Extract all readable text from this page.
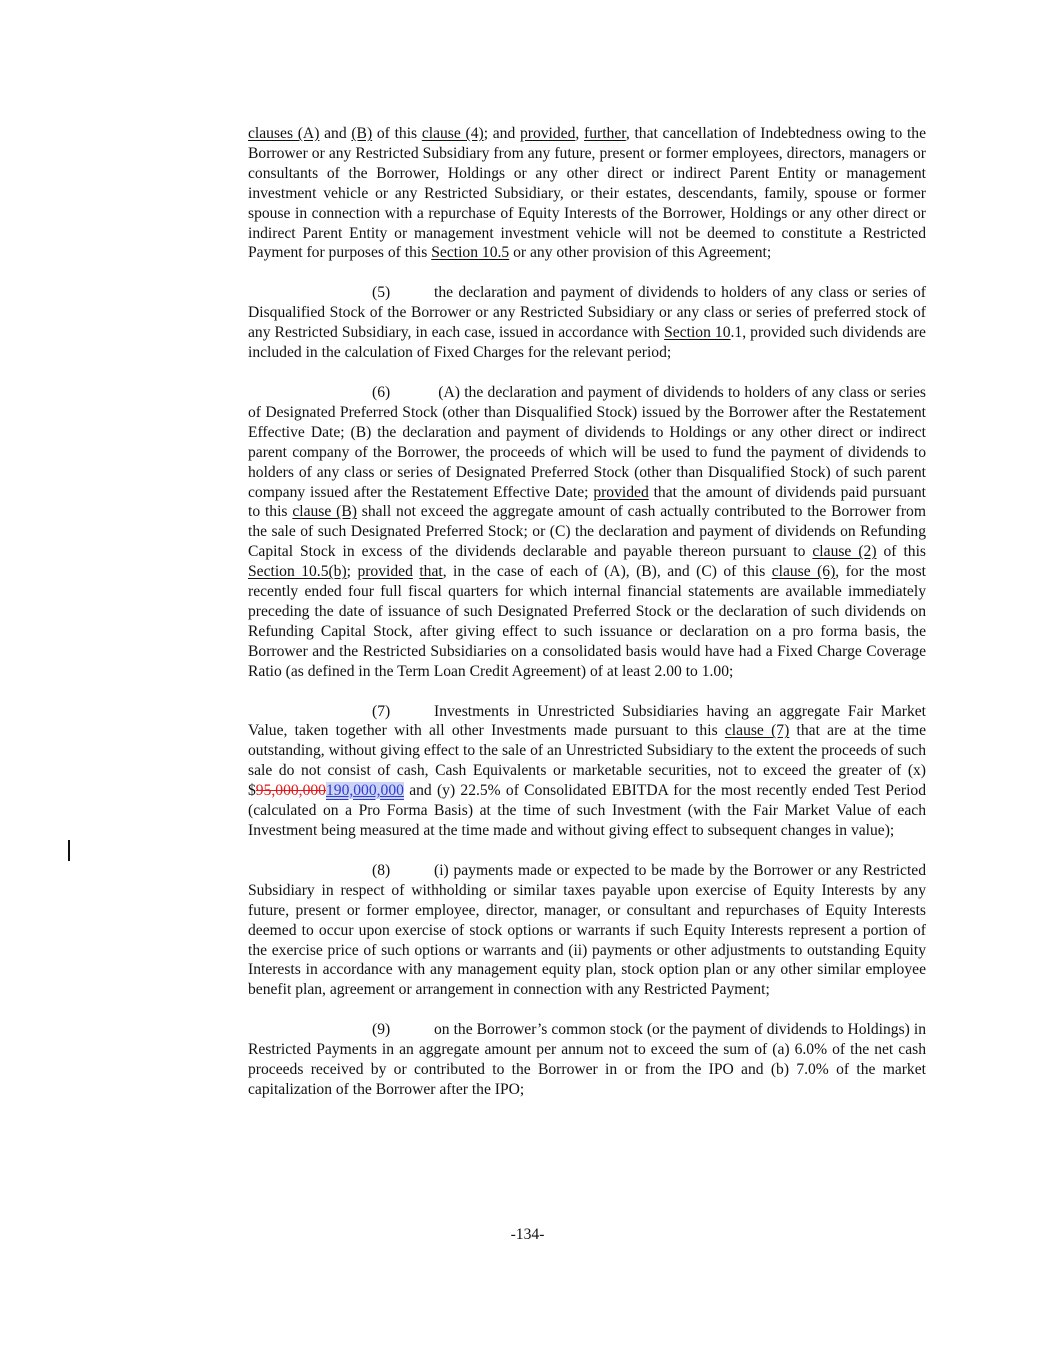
clauses (A) and (B) of this clause (4); and provided, further, that cancellation of Indebtedness owing to the Borrower or any Restricted Subsidiary from any future, present or former employees, directors, managers or consultants of the Borrower, Holdings or any other direct or indirect Parent Entity or management investment vehicle or any Restricted Subsidiary, or their estates, descendants, family, spouse or former spouse in connection with a repurchase of Equity Interests of the Borrower, Holdings or any other direct or indirect Parent Entity or management investment vehicle will not be deemed to constitute a Restricted Payment for purposes of this Section 10.5 or any other provision of this Agreement;

(5)	the declaration and payment of dividends to holders of any class or series of Disqualified Stock of the Borrower or any Restricted Subsidiary or any class or series of preferred stock of any Restricted Subsidiary, in each case, issued in accordance with Section 10.1, provided such dividends are included in the calculation of Fixed Charges for the relevant period;

(6)	(A) the declaration and payment of dividends to holders of any class or series of Designated Preferred Stock (other than Disqualified Stock) issued by the Borrower after the Restatement Effective Date; (B) the declaration and payment of dividends to Holdings or any other direct or indirect parent company of the Borrower, the proceeds of which will be used to fund the payment of dividends to holders of any class or series of Designated Preferred Stock (other than Disqualified Stock) of such parent company issued after the Restatement Effective Date; provided that the amount of dividends paid pursuant to this clause (B) shall not exceed the aggregate amount of cash actually contributed to the Borrower from the sale of such Designated Preferred Stock; or (C) the declaration and payment of dividends on Refunding Capital Stock in excess of the dividends declarable and payable thereon pursuant to clause (2) of this Section 10.5(b); provided that, in the case of each of (A), (B), and (C) of this clause (6), for the most recently ended four full fiscal quarters for which internal financial statements are available immediately preceding the date of issuance of such Designated Preferred Stock or the declaration of such dividends on Refunding Capital Stock, after giving effect to such issuance or declaration on a pro forma basis, the Borrower and the Restricted Subsidiaries on a consolidated basis would have had a Fixed Charge Coverage Ratio (as defined in the Term Loan Credit Agreement) of at least 2.00 to 1.00;

(7)	Investments in Unrestricted Subsidiaries having an aggregate Fair Market Value, taken together with all other Investments made pursuant to this clause (7) that are at the time outstanding, without giving effect to the sale of an Unrestricted Subsidiary to the extent the proceeds of such sale do not consist of cash, Cash Equivalents or marketable securities, not to exceed the greater of (x) $95,000,000190,000,000 and (y) 22.5% of Consolidated EBITDA for the most recently ended Test Period (calculated on a Pro Forma Basis) at the time of such Investment (with the Fair Market Value of each Investment being measured at the time made and without giving effect to subsequent changes in value);

(8)	(i) payments made or expected to be made by the Borrower or any Restricted Subsidiary in respect of withholding or similar taxes payable upon exercise of Equity Interests by any future, present or former employee, director, manager, or consultant and repurchases of Equity Interests deemed to occur upon exercise of stock options or warrants if such Equity Interests represent a portion of the exercise price of such options or warrants and (ii) payments or other adjustments to outstanding Equity Interests in accordance with any management equity plan, stock option plan or any other similar employee benefit plan, agreement or arrangement in connection with any Restricted Payment;

(9)	on the Borrower’s common stock (or the payment of dividends to Holdings) in Restricted Payments in an aggregate amount per annum not to exceed the sum of (a) 6.0% of the net cash proceeds received by or contributed to the Borrower in or from the IPO and (b) 7.0% of the market capitalization of the Borrower after the IPO;

-134-
